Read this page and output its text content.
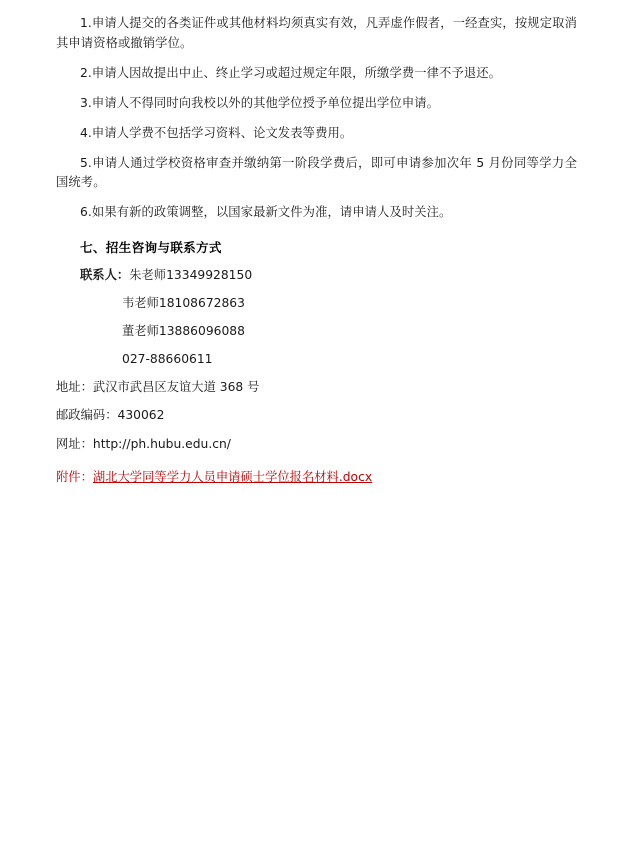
1.申请人提交的各类证件或其他材料均须真实有效，凡弄虚作假者，一经查实，按规定取消其申请资格或撤销学位。

2.申请人因故提出中止、终止学习或超过规定年限，所缴学费一律不予退还。

3.申请人不得同时向我校以外的其他学位授予单位提出学位申请。

4.申请人学费不包括学习资料、论文发表等费用。

5.申请人通过学校资格审查并缴纳第一阶段学费后，即可申请参加次年 5 月份同等学力全国统考。

6.如果有新的政策调整，以国家最新文件为准，请申请人及时关注。

七、招生咨询与联系方式
联系人：朱老师13349928150
韦老师18108672863
董老师13886096088
027-88660611
地址：武汉市武昌区友谊大道 368 号
邮政编码：430062
网址：http://ph.hubu.edu.cn/
附件：湖北大学同等学力人员申请硕士学位报名材料.docx
